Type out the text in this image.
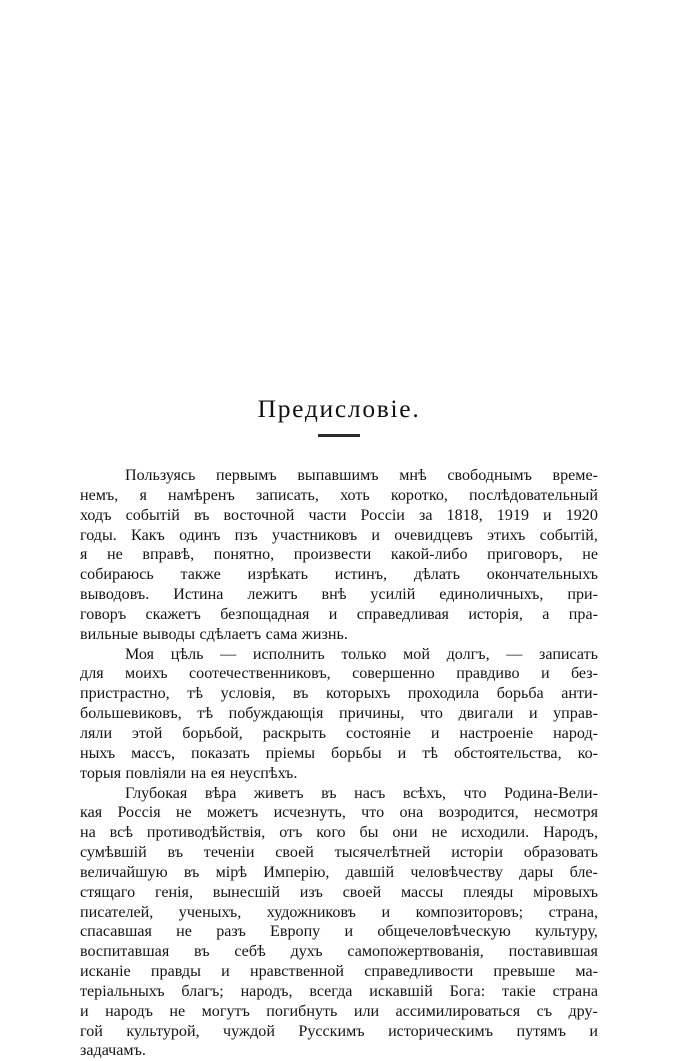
Предисловіе.

Пользуясь первымъ выпавшимъ мнѣ свободнымъ време-
немъ, я намѣренъ записать, хоть коротко, послѣдовательный
ходъ событій въ восточной части Россіи за 1818, 1919 и 1920
годы. Какъ одинъ пзъ участниковъ и очевидцевъ этихъ событій,
я не вправѣ, понятно, произвести какой-либо приговоръ, не
собираюсь также изрѣкать истинъ, дѣлать окончательныхъ
выводовъ. Истина лежитъ внѣ усилій единоличныхъ, при-
говоръ скажетъ безпощадная и справедливая исторія, а пра-
вильные выводы сдѣлаетъ сама жизнь.

Моя цѣль — исполнить только мой долгъ, — записать
для моихъ соотечественниковъ, совершенно правдиво и без-
пристрастно, тѣ условія, въ которыхъ проходила борьба анти-
большевиковъ, тѣ побуждающія причины, что двигали и управ-
ляли этой борьбой, раскрыть состояніе и настроеніе народ-
ныхъ массъ, показать пріемы борьбы и тѣ обстоятельства, ко-
торыя повліяли на ея неуспѣхъ.

Глубокая вѣра живетъ въ насъ всѣхъ, что Родина-Вели-
кая Россія не можетъ исчезнуть, что она возродится, несмотря
на всѣ противодѣйствія, отъ кого бы они не исходили. Народъ,
сумѣвшій въ теченіи своей тысячелѣтней исторіи образовать
величайшую въ мірѣ Имперію, давшій человѣчеству дары бле-
стящаго генія, вынесшій изъ своей массы плеяды міровыхъ
писателей, ученыхъ, художниковъ и композиторовъ; страна,
спасавшая не разъ Европу и общечеловѣческую культуру,
воспитавшая въ себѣ духъ самопожертвованія, поставившая
исканіе правды и нравственной справедливости превыше ма-
теріальныхъ благъ; народъ, всегда искавшій Бога: такіе страна
и народъ не могутъ погибнуть или ассимилироваться съ дру-
гой культурой, чуждой Русскимъ историческимъ путямъ и
задачамъ.
